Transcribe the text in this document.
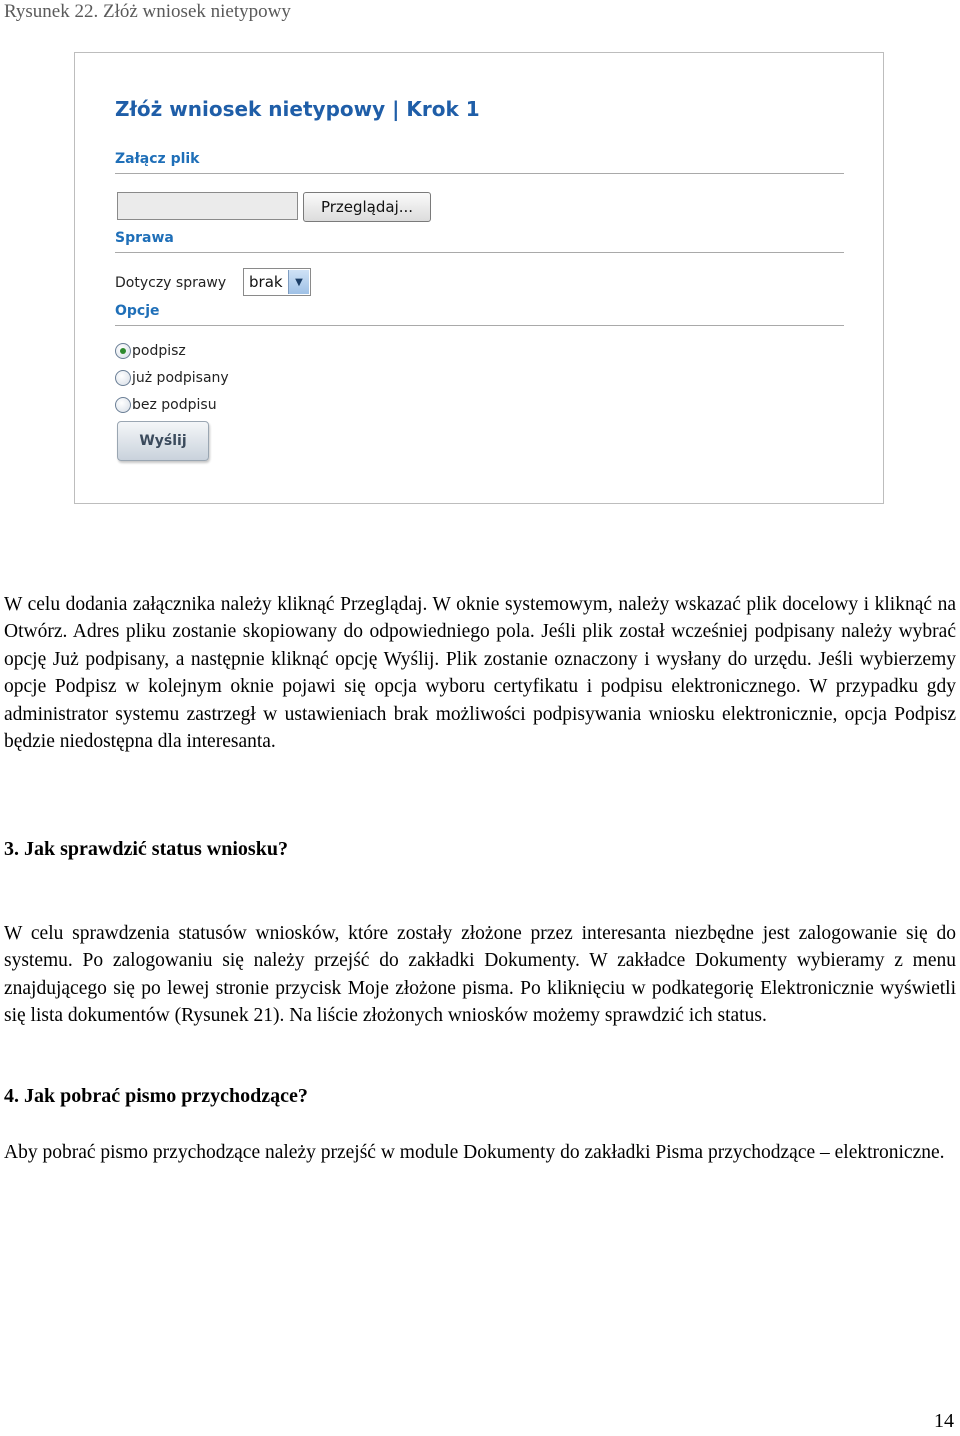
Rysunek 22. Złóż wniosek nietypowy
Złóż wniosek nietypowy | Krok 1
Załącz plik
Przeglądaj...
Sprawa
Dotyczy sprawy brak	▼
Opcje
podpisz
już podpisany
bez podpisu
Wyślij

W celu dodania załącznika należy kliknąć Przeglądaj. W oknie systemowym, należy wskazać plik docelowy i kliknąć na Otwórz. Adres pliku zostanie skopiowany do odpowiedniego pola. Jeśli plik został wcześniej podpisany należy wybrać opcję Już podpisany, a następnie kliknąć opcję Wyślij. Plik zostanie oznaczony i wysłany do urzędu. Jeśli wybierzemy opcje Podpisz w kolejnym oknie pojawi się opcja wyboru certyfikatu i podpisu elektronicznego. W przypadku gdy administrator systemu zastrzegł w ustawieniach brak możliwości podpisywania wniosku elektronicznie, opcja Podpisz będzie niedostępna dla interesanta.

3. Jak sprawdzić status wniosku?

W celu sprawdzenia statusów wniosków, które zostały złożone przez interesanta niezbędne jest zalogowanie się do systemu. Po zalogowaniu się należy przejść do zakładki Dokumenty. W zakładce Dokumenty wybieramy z menu znajdującego się po lewej stronie przycisk Moje złożone pisma. Po kliknięciu w podkategorię Elektronicznie wyświetli się lista dokumentów (Rysunek 21). Na liście złożonych wniosków możemy sprawdzić ich status.

4. Jak pobrać pismo przychodzące?

Aby pobrać pismo przychodzące należy przejść w module Dokumenty do zakładki Pisma przychodzące – elektroniczne.

14
